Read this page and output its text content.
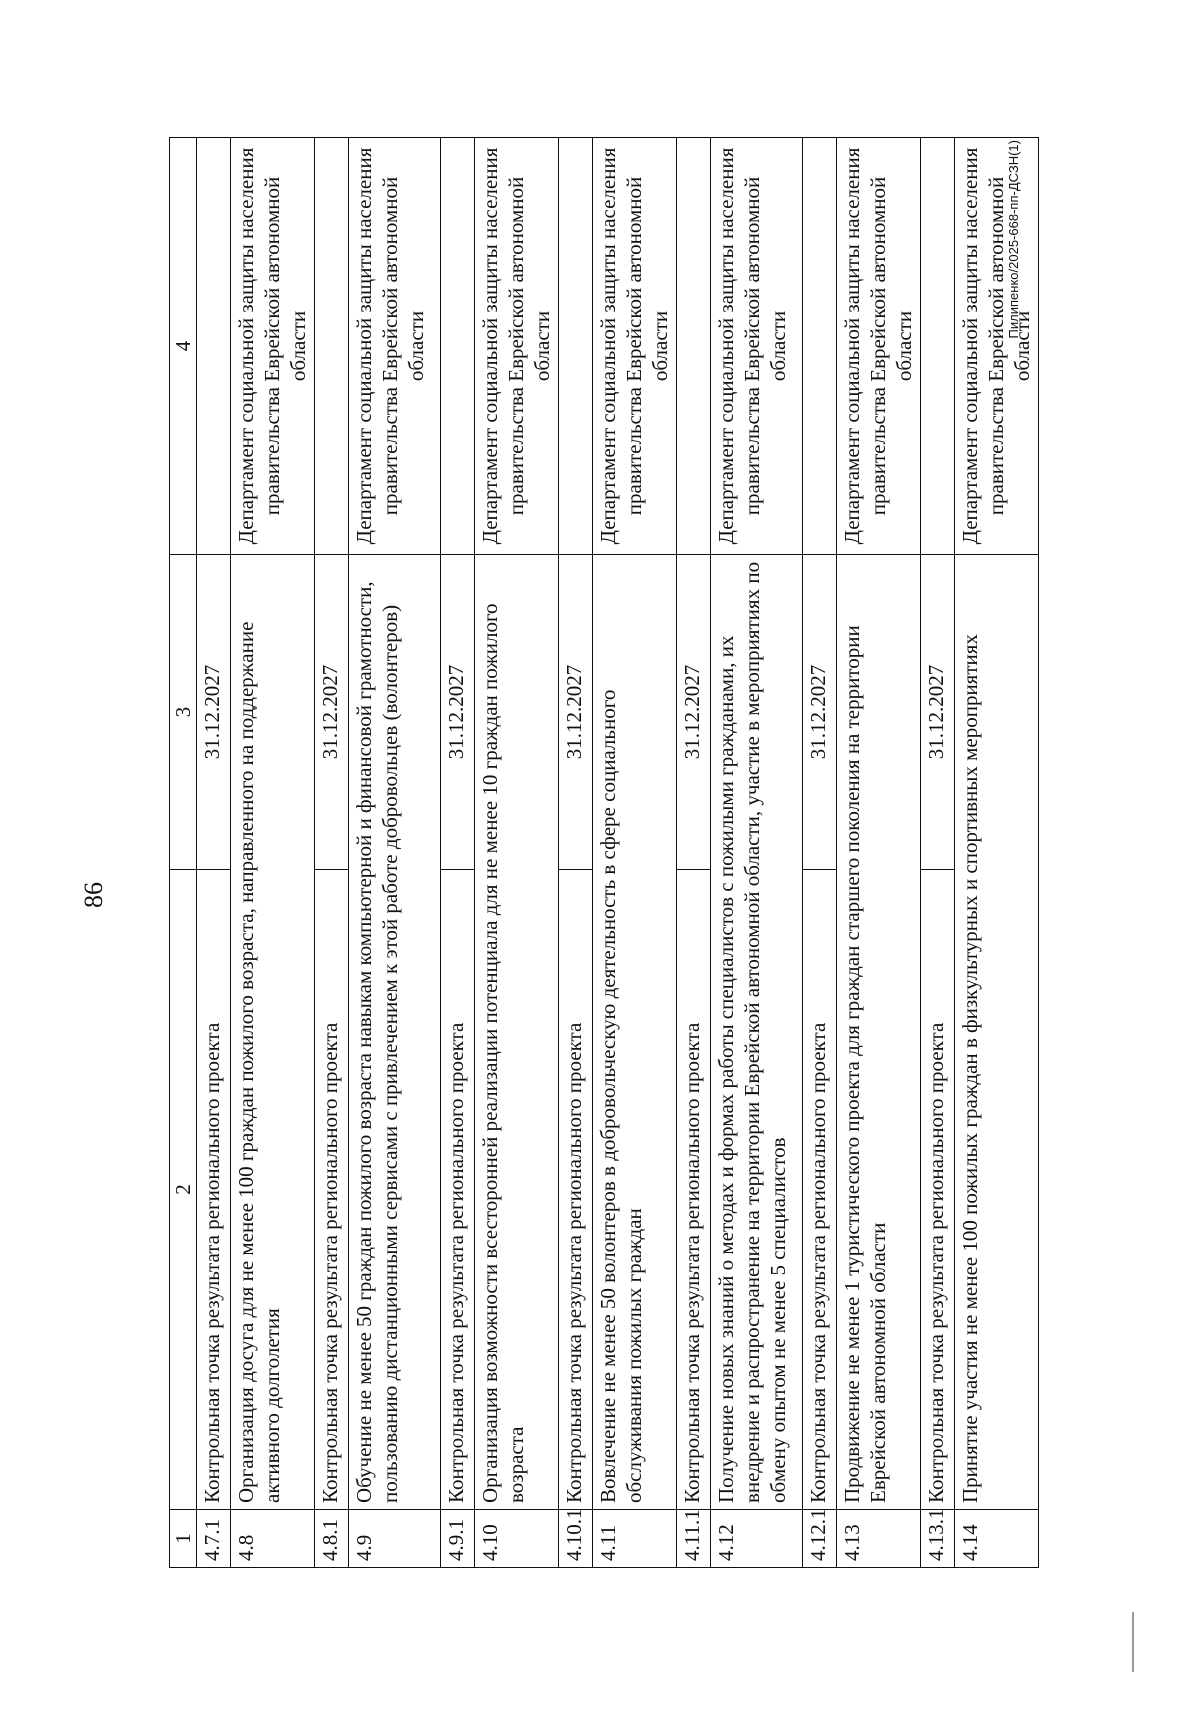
86
1	2	3	4
4.7.1	Контрольная точка результата регионального проекта	31.12.2027	
4.8	Организация досуга для не менее 100 граждан пожилого возраста, направленного на поддержание активного долголетия		Департамент социальной защиты населения правительства Еврейской автономной области
4.8.1	Контрольная точка результата регионального проекта	31.12.2027	
4.9	Обучение не менее 50 граждан пожилого возраста навыкам компьютерной и финансовой грамотности, пользованию дистанционными сервисами с привлечением к этой работе добровольцев (волонтеров)		Департамент социальной защиты населения правительства Еврейской автономной области
4.9.1	Контрольная точка результата регионального проекта	31.12.2027	
4.10	Организация возможности всесторонней реализации потенциала для не менее 10 граждан пожилого возраста		Департамент социальной защиты населения правительства Еврейской автономной области
4.10.1	Контрольная точка результата регионального проекта	31.12.2027	
4.11	Вовлечение не менее 50 волонтеров в добровольческую деятельность в сфере социального обслуживания пожилых граждан		Департамент социальной защиты населения правительства Еврейской автономной области
4.11.1	Контрольная точка результата регионального проекта	31.12.2027	
4.12	Получение новых знаний о методах и формах работы специалистов с пожилыми гражданами, их внедрение и распространение на территории Еврейской автономной области, участие в мероприятиях по обмену опытом не менее 5 специалистов		Департамент социальной защиты населения правительства Еврейской автономной области
4.12.1	Контрольная точка результата регионального проекта	31.12.2027	
4.13	Продвижение не менее 1 туристического проекта для граждан старшего поколения на территории Еврейской автономной области		Департамент социальной защиты населения правительства Еврейской автономной области
4.13.1	Контрольная точка результата регионального проекта	31.12.2027	
4.14	Принятие участия не менее 100 пожилых граждан в физкультурных и спортивных мероприятиях		Департамент социальной защиты населения правительства Еврейской автономной области
Пилипенко/2025-668-пп-ДСЗН(1)
